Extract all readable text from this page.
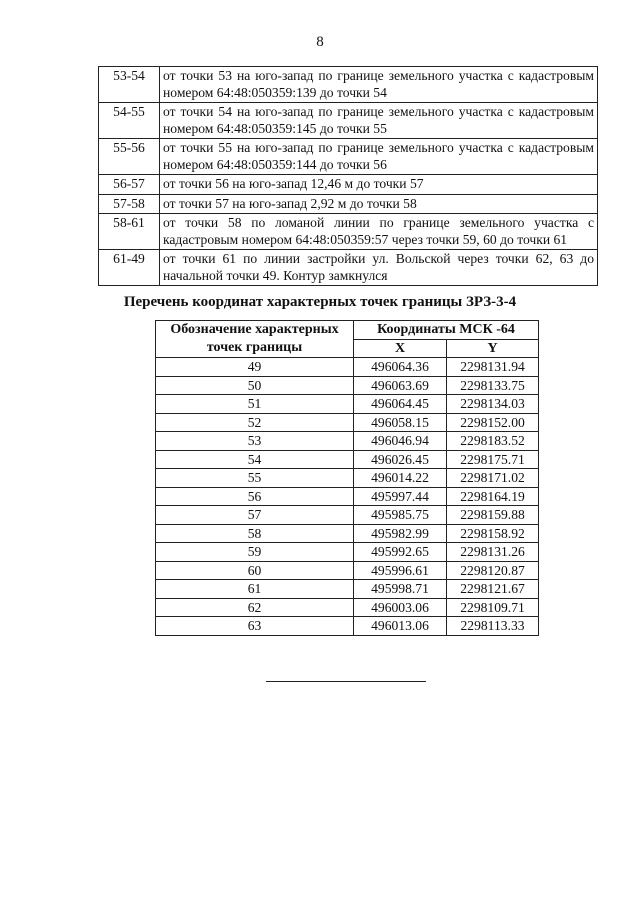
8
53-54	от точки 53 на юго-запад по границе земельного участка с кадастровым номером 64:48:050359:139 до точки 54
54-55	от точки 54 на юго-запад по границе земельного участка с кадастровым номером 64:48:050359:145 до точки 55
55-56	от точки 55 на юго-запад по границе земельного участка с кадастровым номером 64:48:050359:144 до точки 56
56-57	от точки 56 на юго-запад 12,46 м до точки 57
57-58	от точки 57 на юго-запад 2,92 м до точки 58
58-61	от точки 58 по ломаной линии по границе земельного участка с кадастровым номером 64:48:050359:57 через точки 59, 60 до точки 61
61-49	от точки 61 по линии застройки ул. Вольской через точки 62, 63 до начальной точки 49. Контур замкнулся
Перечень координат характерных точек границы ЗРЗ-3-4
Обозначение характерных точек границы	Координаты МСК -64	
	X	Y
49	496064.36	2298131.94
50	496063.69	2298133.75
51	496064.45	2298134.03
52	496058.15	2298152.00
53	496046.94	2298183.52
54	496026.45	2298175.71
55	496014.22	2298171.02
56	495997.44	2298164.19
57	495985.75	2298159.88
58	495982.99	2298158.92
59	495992.65	2298131.26
60	495996.61	2298120.87
61	495998.71	2298121.67
62	496003.06	2298109.71
63	496013.06	2298113.33
